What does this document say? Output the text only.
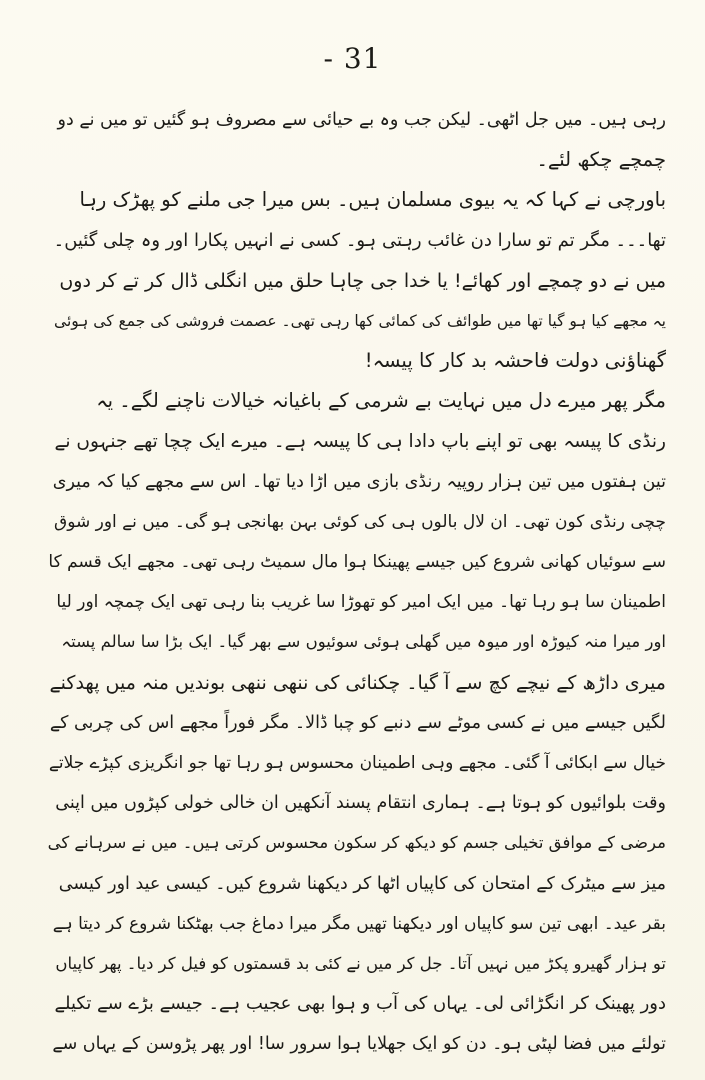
- 31
رہی ہیں۔ میں جل اٹھی۔ لیکن جب وہ بے حیائی سے مصروف ہو گئیں تو میں نے دو
چمچے چکھ لئے۔
باورچی نے کہا کہ یہ بیوی مسلمان ہیں۔ بس میرا جی ملنے کو پھڑک رہا
تھا۔۔۔ مگر تم تو سارا دن غائب رہتی ہو۔ کسی نے انہیں پکارا اور وہ چلی گئیں۔
میں نے دو چمچے اور کھائے! یا خدا جی چاہا حلق میں انگلی ڈال کر تے کر دوں
یہ مجھے کیا ہو گیا تھا میں طوائف کی کمائی کھا رہی تھی۔ عصمت فروشی کی جمع کی ہوئی
گھناؤنی دولت فاحشہ بد کار کا پیسہ!
مگر پھر میرے دل میں نہایت بے شرمی کے باغیانہ خیالات ناچنے لگے۔ یہ
رنڈی کا پیسہ بھی تو اپنے باپ دادا ہی کا پیسہ ہے۔ میرے ایک چچا تھے جنہوں نے
تین ہفتوں میں تین ہزار روپیہ رنڈی بازی میں اڑا دیا تھا۔ اس سے مجھے کیا کہ میری
چچی رنڈی کون تھی۔ ان لال بالوں ہی کی کوئی بہن بھانجی ہو گی۔ میں نے اور شوق
سے سوئیاں کھانی شروع کیں جیسے پھینکا ہوا مال سمیٹ رہی تھی۔ مجھے ایک قسم کا
اطمینان سا ہو رہا تھا۔ میں ایک امیر کو تھوڑا سا غریب بنا رہی تھی ایک چمچہ اور لیا
اور میرا منہ کیوڑہ اور میوہ میں گھلی ہوئی سوئیوں سے بھر گیا۔ ایک بڑا سا سالم پستہ
میری داڑھ کے نیچے کچ سے آ گیا۔ چکنائی کی ننھی ننھی بوندیں منہ میں پھدکنے
لگیں جیسے میں نے کسی موٹے سے دنبے کو چبا ڈالا۔ مگر فوراً مجھے اس کی چربی کے
خیال سے ابکائی آ گئی۔ مجھے وہی اطمینان محسوس ہو رہا تھا جو انگریزی کپڑے جلاتے
وقت بلوائیوں کو ہوتا ہے۔ ہماری انتقام پسند آنکھیں ان خالی خولی کپڑوں میں اپنی
مرضی کے موافق تخیلی جسم کو دیکھ کر سکون محسوس کرتی ہیں۔ میں نے سرہانے کی
میز سے میٹرک کے امتحان کی کاپیاں اٹھا کر دیکھنا شروع کیں۔ کیسی عید اور کیسی
بقر عید۔ ابھی تین سو کاپیاں اور دیکھنا تھیں مگر میرا دماغ جب بھٹکنا شروع کر دیتا ہے
تو ہزار گھیرو پکڑ میں نہیں آتا۔ جل کر میں نے کئی بد قسمتوں کو فیل کر دیا۔ پھر کاپیاں
دور پھینک کر انگڑائی لی۔ یہاں کی آب و ہوا بھی عجیب ہے۔ جیسے بڑے سے تکیلے
تولئے میں فضا لپٹی ہو۔ دن کو ایک جھلایا ہوا سرور سا! اور پھر پڑوسن کے یہاں سے
